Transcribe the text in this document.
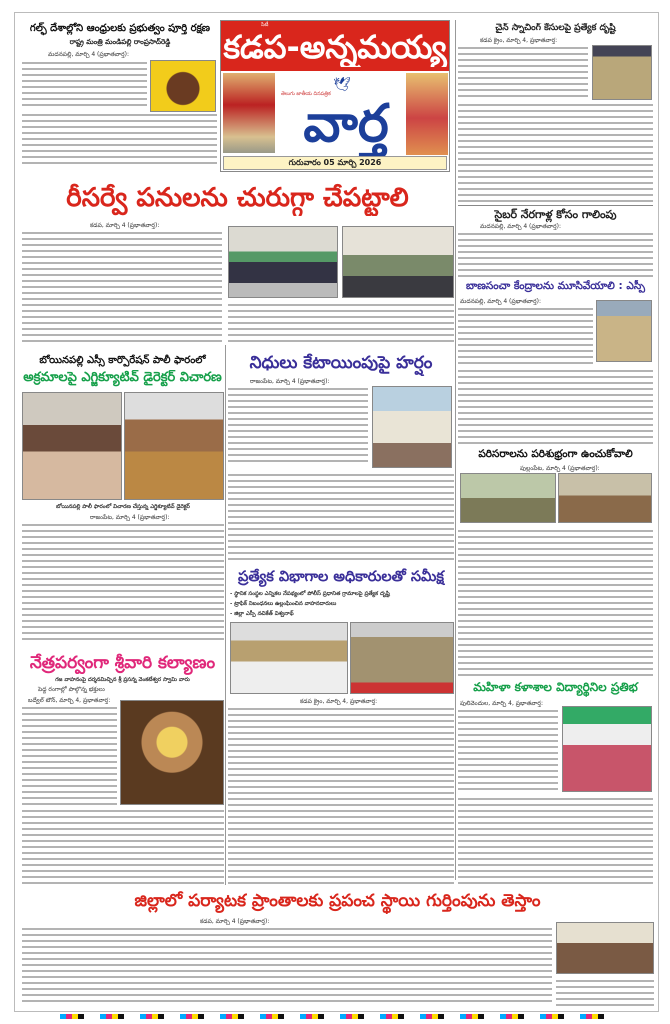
గల్ఫ్ దేశాల్లోని ఆంధ్రులకు ప్రభుత్వం పూర్తి రక్షణ
రాష్ట్ర మంత్రి మండిపల్లి రాంప్రసాద్‌రెడ్డి
మదనపల్లి, మార్చి 4 (ప్రభాతవార్త):
సిటీ
కడప-అన్నమయ్య
🕊
తెలుగు జాతీయ దినపత్రిక
వార్త
గురువారం 05 మార్చి 2026
చైన్ స్నాచింగ్ కేసులపై ప్రత్యేక దృష్టి
కడప క్రైం, మార్చి 4, ప్రభాతవార్త:
సైబర్ నేరగాళ్ల కోసం గాలింపు
మదనపల్లి, మార్చి 4 (ప్రభాతవార్త):
రీసర్వే పనులను చురుగ్గా చేపట్టాలి
కడప, మార్చి 4 (ప్రభాతవార్త):
బాణసంచా కేంద్రాలను మూసివేయాలి : ఎస్పీ
మదనపల్లి, మార్చి 4 (ప్రభాతవార్త):
బోయినపల్లి ఎస్సీ కార్పొరేషన్ పాలీ ఫారంలో
అక్రమాలపై ఎగ్జిక్యూటివ్ డైరెక్టర్ విచారణ
బోయినపల్లి పాలీ ఫారంలో విచారణ చేస్తున్న ఎగ్జిక్యూటివ్ డైరెక్టర్
రాజంపేట, మార్చి 4 (ప్రభాతవార్త):
నిధులు కేటాయింపుపై హర్షం
రాజంపేట, మార్చి 4 (ప్రభాతవార్త):
పరిసరాలను పరిశుభ్రంగా ఉంచుకోవాలి
పుల్లంపేట, మార్చి 4 (ప్రభాతవార్త):
ప్రత్యేక విభాగాల అధికారులతో సమీక్ష
- స్థానిక సంస్థల ఎన్నికల నేపథ్యంలో పోలీస్ ప్రధానిత గ్రామాలపై ప్రత్యేక దృష్టి
- ట్రాఫిక్ నిబంధనలు ఉల్లంఘించిన వాహనదారులు
- జిల్లా ఎస్పీ నచికేత్ విశ్వనాథ్
కడప క్రైం, మార్చి 4, ప్రభాతవార్త:
నేత్రపర్వంగా శ్రీవారి కల్యాణం
గజ వాహనంపై దర్శనమిచ్చిన శ్రీ ప్రసన్న వెంకటేశ్వర స్వామి వారు
పెద్ద రంగాల్లో పాల్గొన్న భక్తులు
బద్వేల్ టౌన్, మార్చి 4, ప్రభాతవార్త:
మహిళా కళాశాల విద్యార్థినిల ప్రతిభ
పులివెందుల, మార్చి 4, ప్రభాతవార్త:
జిల్లాలో పర్యాటక ప్రాంతాలకు ప్రపంచ స్థాయి గుర్తింపును తెస్తాం
కడప, మార్చి 4 (ప్రభాతవార్త):
